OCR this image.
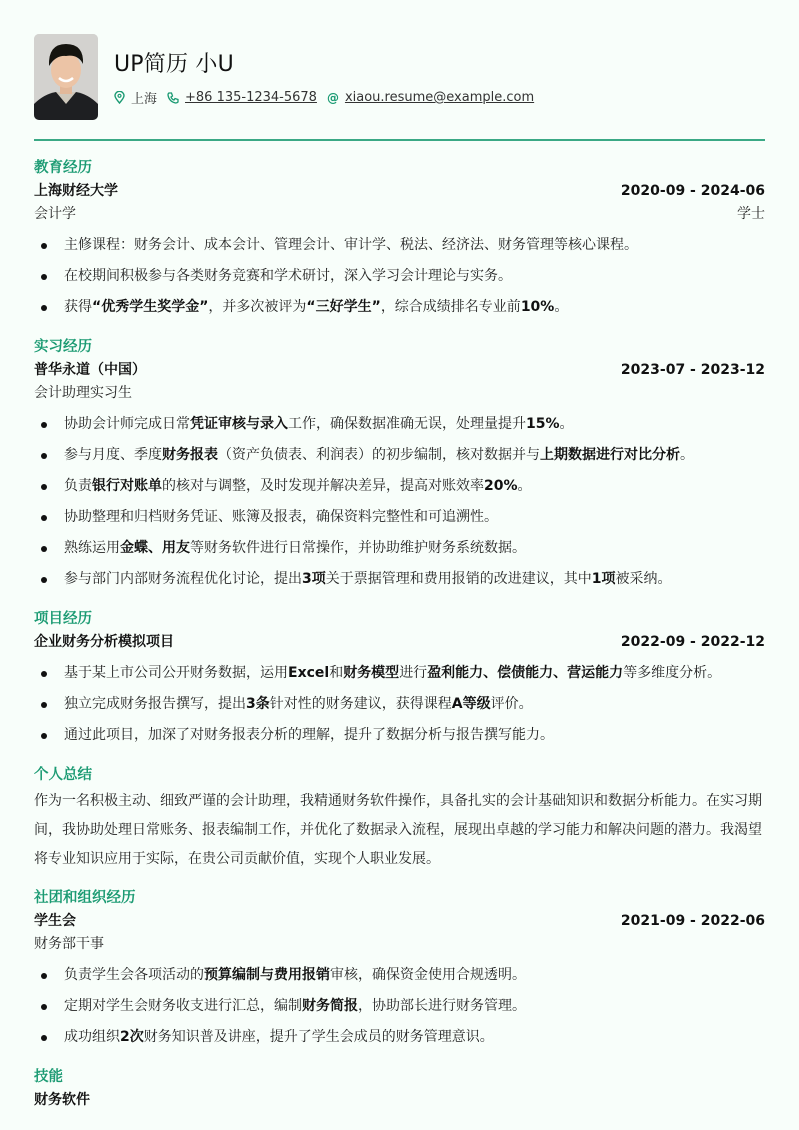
UP简历 小U
上海 +86 135-1234-5678 @ xiaou.resume@example.com
教育经历
上海财经大学	2020-09 - 2024-06
会计学	学士
主修课程：财务会计、成本会计、管理会计、审计学、税法、经济法、财务管理等核心课程。
在校期间积极参与各类财务竞赛和学术研讨，深入学习会计理论与实务。
获得“优秀学生奖学金”，并多次被评为“三好学生”，综合成绩排名专业前10%。
实习经历
普华永道（中国）	2023-07 - 2023-12
会计助理实习生
协助会计师完成日常凭证审核与录入工作，确保数据准确无误，处理量提升15%。
参与月度、季度财务报表（资产负债表、利润表）的初步编制，核对数据并与上期数据进行对比分析。
负责银行对账单的核对与调整，及时发现并解决差异，提高对账效率20%。
协助整理和归档财务凭证、账簿及报表，确保资料完整性和可追溯性。
熟练运用金蝶、用友等财务软件进行日常操作，并协助维护财务系统数据。
参与部门内部财务流程优化讨论，提出3项关于票据管理和费用报销的改进建议，其中1项被采纳。
项目经历
企业财务分析模拟项目	2022-09 - 2022-12
基于某上市公司公开财务数据，运用Excel和财务模型进行盈利能力、偿债能力、营运能力等多维度分析。
独立完成财务报告撰写，提出3条针对性的财务建议，获得课程A等级评价。
通过此项目，加深了对财务报表分析的理解，提升了数据分析与报告撰写能力。
个人总结
作为一名积极主动、细致严谨的会计助理，我精通财务软件操作，具备扎实的会计基础知识和数据分析能力。在实习期间，我协助处理日常账务、报表编制工作，并优化了数据录入流程，展现出卓越的学习能力和解决问题的潜力。我渴望将专业知识应用于实际，在贵公司贡献价值，实现个人职业发展。
社团和组织经历
学生会	2021-09 - 2022-06
财务部干事
负责学生会各项活动的预算编制与费用报销审核，确保资金使用合规透明。
定期对学生会财务收支进行汇总，编制财务简报，协助部长进行财务管理。
成功组织2次财务知识普及讲座，提升了学生会成员的财务管理意识。
技能
财务软件
